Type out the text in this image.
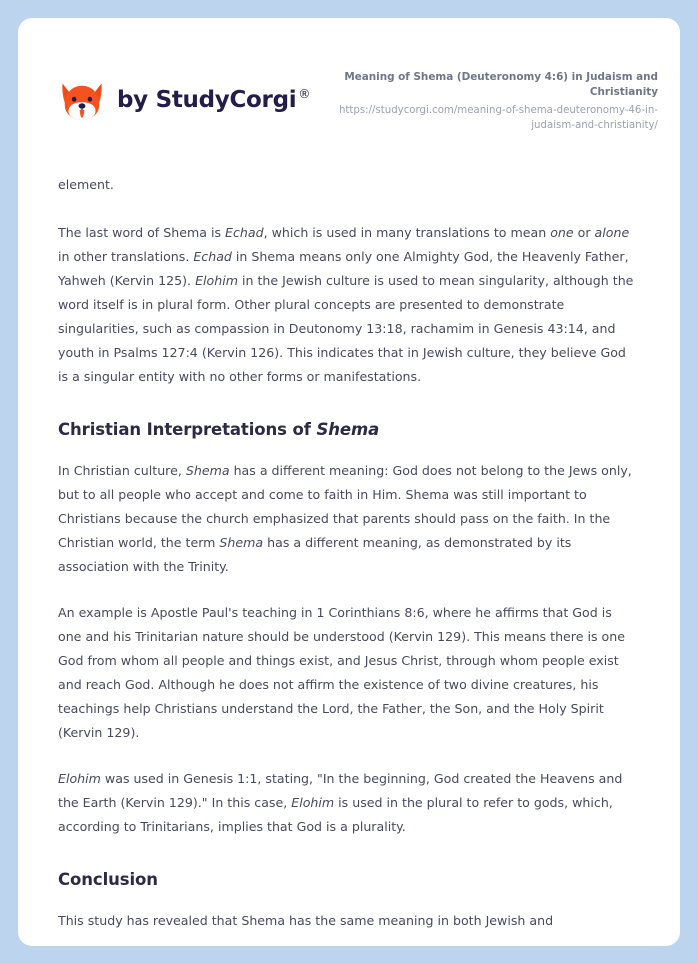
by StudyCorgi ®

Meaning of Shema (Deuteronomy 4:6) in Judaism and Christianity

https://studycorgi.com/meaning-of-shema-deuteronomy-46-in-judaism-and-christianity/

element.

The last word of Shema is Echad, which is used in many translations to mean one or alone in other translations. Echad in Shema means only one Almighty God, the Heavenly Father, Yahweh (Kervin 125). Elohim in the Jewish culture is used to mean singularity, although the word itself is in plural form. Other plural concepts are presented to demonstrate singularities, such as compassion in Deutonomy 13:18, rachamim in Genesis 43:14, and youth in Psalms 127:4 (Kervin 126). This indicates that in Jewish culture, they believe God is a singular entity with no other forms or manifestations.

Christian Interpretations of Shema

In Christian culture, Shema has a different meaning: God does not belong to the Jews only, but to all people who accept and come to faith in Him. Shema was still important to Christians because the church emphasized that parents should pass on the faith. In the Christian world, the term Shema has a different meaning, as demonstrated by its association with the Trinity.

An example is Apostle Paul's teaching in 1 Corinthians 8:6, where he affirms that God is one and his Trinitarian nature should be understood (Kervin 129). This means there is one God from whom all people and things exist, and Jesus Christ, through whom people exist and reach God. Although he does not affirm the existence of two divine creatures, his teachings help Christians understand the Lord, the Father, the Son, and the Holy Spirit (Kervin 129).

Elohim was used in Genesis 1:1, stating, "In the beginning, God created the Heavens and the Earth (Kervin 129)." In this case, Elohim is used in the plural to refer to gods, which, according to Trinitarians, implies that God is a plurality.

Conclusion

This study has revealed that Shema has the same meaning in both Jewish and
